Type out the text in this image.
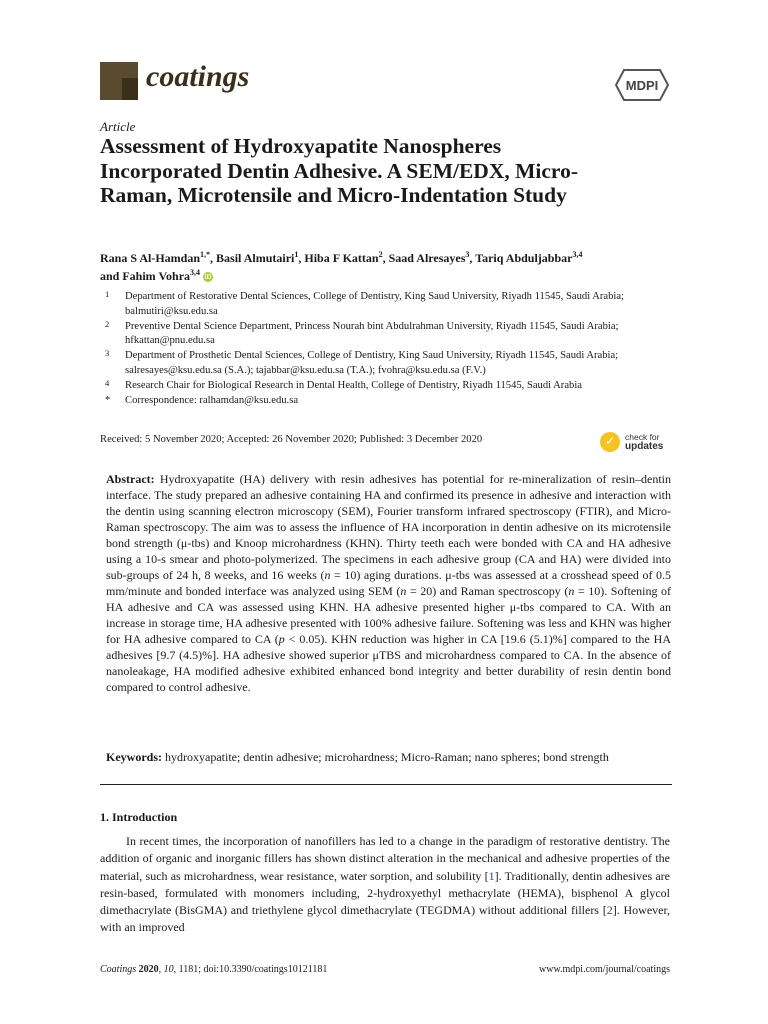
coatings	MDPI
Article
Assessment of Hydroxyapatite Nanospheres Incorporated Dentin Adhesive. A SEM/EDX, Micro-Raman, Microtensile and Micro-Indentation Study
Rana S Al-Hamdan$^{1,*}$, Basil Almutairi$^1$, Hiba F Kattan$^2$, Saad Alresayes$^3$, Tariq Abduljabbar$^{3,4}$
and Fahim Vohra$^{3,4}$ iD
1 Department of Restorative Dental Sciences, College of Dentistry, King Saud University, Riyadh 11545, Saudi Arabia; balmutiri@ksu.edu.sa
2 Preventive Dental Science Department, Princess Nourah bint Abdulrahman University, Riyadh 11545, Saudi Arabia; hfkattan@pnu.edu.sa
3 Department of Prosthetic Dental Sciences, College of Dentistry, King Saud University, Riyadh 11545, Saudi Arabia; salresayes@ksu.edu.sa (S.A.); tajabbar@ksu.edu.sa (T.A.); fvohra@ksu.edu.sa (F.V.)
4 Research Chair for Biological Research in Dental Health, College of Dentistry, Riyadh 11545, Saudi Arabia
* Correspondence: ralhamdan@ksu.edu.sa
Received: 5 November 2020; Accepted: 26 November 2020; Published: 3 December 2020	✓	check for
updates
Abstract: Hydroxyapatite (HA) delivery with resin adhesives has potential for re-mineralization of resin–dentin interface. The study prepared an adhesive containing HA and confirmed its presence in adhesive and interaction with the dentin using scanning electron microscopy (SEM), Fourier transform infrared spectroscopy (FTIR), and Micro-Raman spectroscopy. The aim was to assess the influence of HA incorporation in dentin adhesive on its microtensile bond strength (μ-tbs) and Knoop microhardness (KHN). Thirty teeth each were bonded with CA and HA adhesive using a 10-s smear and photo-polymerized. The specimens in each adhesive group (CA and HA) were divided into sub-groups of 24 h, 8 weeks, and 16 weeks (n = 10) aging durations. μ-tbs was assessed at a crosshead speed of 0.5 mm/minute and bonded interface was analyzed using SEM (n = 20) and Raman spectroscopy (n = 10). Softening of HA adhesive and CA was assessed using KHN. HA adhesive presented higher μ-tbs compared to CA. With an increase in storage time, HA adhesive presented with 100% adhesive failure. Softening was less and KHN was higher for HA adhesive compared to CA (p < 0.05). KHN reduction was higher in CA [19.6 (5.1)%] compared to the HA adhesives [9.7 (4.5)%]. HA adhesive showed superior μTBS and microhardness compared to CA. In the absence of nanoleakage, HA modified adhesive exhibited enhanced bond integrity and better durability of resin dentin bond compared to control adhesive.
Keywords: hydroxyapatite; dentin adhesive; microhardness; Micro-Raman; nano spheres; bond strength
1. Introduction
In recent times, the incorporation of nanofillers has led to a change in the paradigm of restorative dentistry. The addition of organic and inorganic fillers has shown distinct alteration in the mechanical and adhesive properties of the material, such as microhardness, wear resistance, water sorption, and solubility [1]. Traditionally, dentin adhesives are resin-based, formulated with monomers including, 2-hydroxyethyl methacrylate (HEMA), bisphenol A glycol dimethacrylate (BisGMA) and triethylene glycol dimethacrylate (TEGDMA) without additional fillers [2]. However, with an improved
Coatings 2020, 10, 1181; doi:10.3390/coatings10121181	www.mdpi.com/journal/coatings
